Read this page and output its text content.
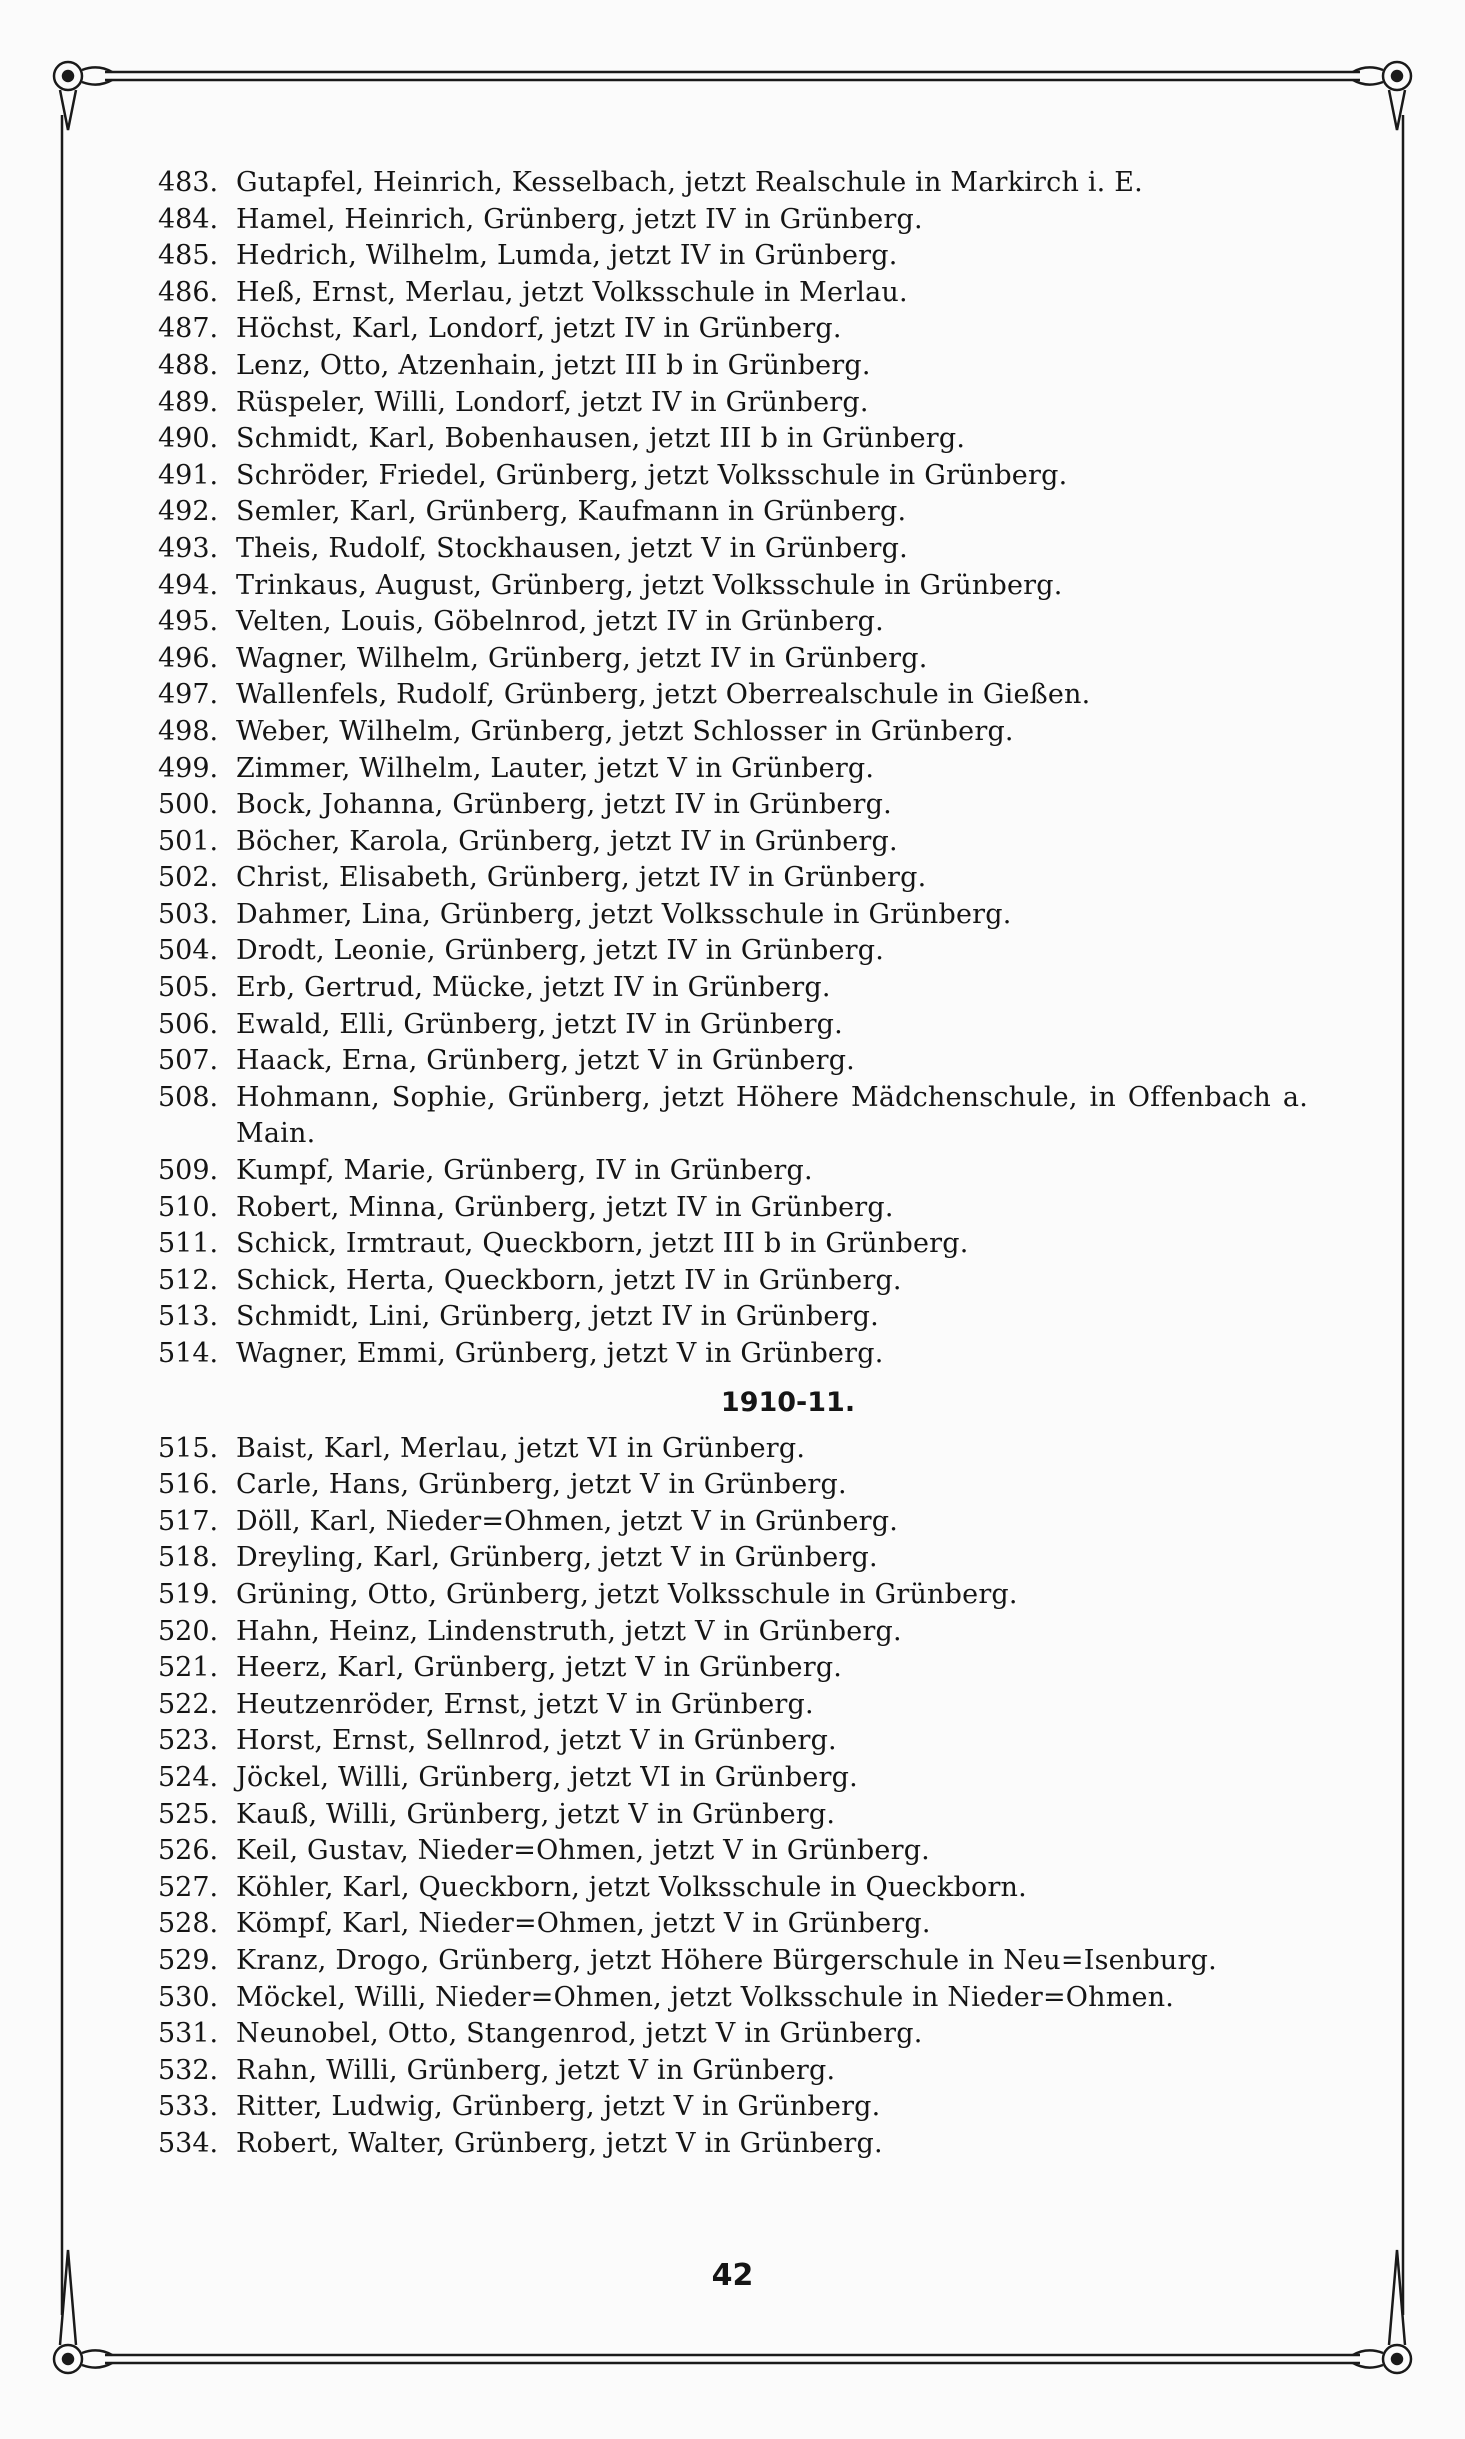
483. Gutapfel, Heinrich, Kesselbach, jetzt Realschule in Markirch i. E.
484. Hamel, Heinrich, Grünberg, jetzt IV in Grünberg.
485. Hedrich, Wilhelm, Lumda, jetzt IV in Grünberg.
486. Heß, Ernst, Merlau, jetzt Volksschule in Merlau.
487. Höchst, Karl, Londorf, jetzt IV in Grünberg.
488. Lenz, Otto, Atzenhain, jetzt III b in Grünberg.
489. Rüspeler, Willi, Londorf, jetzt IV in Grünberg.
490. Schmidt, Karl, Bobenhausen, jetzt III b in Grünberg.
491. Schröder, Friedel, Grünberg, jetzt Volksschule in Grünberg.
492. Semler, Karl, Grünberg, Kaufmann in Grünberg.
493. Theis, Rudolf, Stockhausen, jetzt V in Grünberg.
494. Trinkaus, August, Grünberg, jetzt Volksschule in Grünberg.
495. Velten, Louis, Göbelnrod, jetzt IV in Grünberg.
496. Wagner, Wilhelm, Grünberg, jetzt IV in Grünberg.
497. Wallenfels, Rudolf, Grünberg, jetzt Oberrealschule in Gießen.
498. Weber, Wilhelm, Grünberg, jetzt Schlosser in Grünberg.
499. Zimmer, Wilhelm, Lauter, jetzt V in Grünberg.
500. Bock, Johanna, Grünberg, jetzt IV in Grünberg.
501. Böcher, Karola, Grünberg, jetzt IV in Grünberg.
502. Christ, Elisabeth, Grünberg, jetzt IV in Grünberg.
503. Dahmer, Lina, Grünberg, jetzt Volksschule in Grünberg.
504. Drodt, Leonie, Grünberg, jetzt IV in Grünberg.
505. Erb, Gertrud, Mücke, jetzt IV in Grünberg.
506. Ewald, Elli, Grünberg, jetzt IV in Grünberg.
507. Haack, Erna, Grünberg, jetzt V in Grünberg.
508. Hohmann, Sophie, Grünberg, jetzt Höhere Mädchenschule, in Offenbach a. Main.
509. Kumpf, Marie, Grünberg, IV in Grünberg.
510. Robert, Minna, Grünberg, jetzt IV in Grünberg.
511. Schick, Irmtraut, Queckborn, jetzt III b in Grünberg.
512. Schick, Herta, Queckborn, jetzt IV in Grünberg.
513. Schmidt, Lini, Grünberg, jetzt IV in Grünberg.
514. Wagner, Emmi, Grünberg, jetzt V in Grünberg.
1910-11.
515. Baist, Karl, Merlau, jetzt VI in Grünberg.
516. Carle, Hans, Grünberg, jetzt V in Grünberg.
517. Döll, Karl, Nieder=Ohmen, jetzt V in Grünberg.
518. Dreyling, Karl, Grünberg, jetzt V in Grünberg.
519. Grüning, Otto, Grünberg, jetzt Volksschule in Grünberg.
520. Hahn, Heinz, Lindenstruth, jetzt V in Grünberg.
521. Heerz, Karl, Grünberg, jetzt V in Grünberg.
522. Heutzenröder, Ernst, jetzt V in Grünberg.
523. Horst, Ernst, Sellnrod, jetzt V in Grünberg.
524. Jöckel, Willi, Grünberg, jetzt VI in Grünberg.
525. Kauß, Willi, Grünberg, jetzt V in Grünberg.
526. Keil, Gustav, Nieder=Ohmen, jetzt V in Grünberg.
527. Köhler, Karl, Queckborn, jetzt Volksschule in Queckborn.
528. Kömpf, Karl, Nieder=Ohmen, jetzt V in Grünberg.
529. Kranz, Drogo, Grünberg, jetzt Höhere Bürgerschule in Neu=Isenburg.
530. Möckel, Willi, Nieder=Ohmen, jetzt Volksschule in Nieder=Ohmen.
531. Neunobel, Otto, Stangenrod, jetzt V in Grünberg.
532. Rahn, Willi, Grünberg, jetzt V in Grünberg.
533. Ritter, Ludwig, Grünberg, jetzt V in Grünberg.
534. Robert, Walter, Grünberg, jetzt V in Grünberg.
42
